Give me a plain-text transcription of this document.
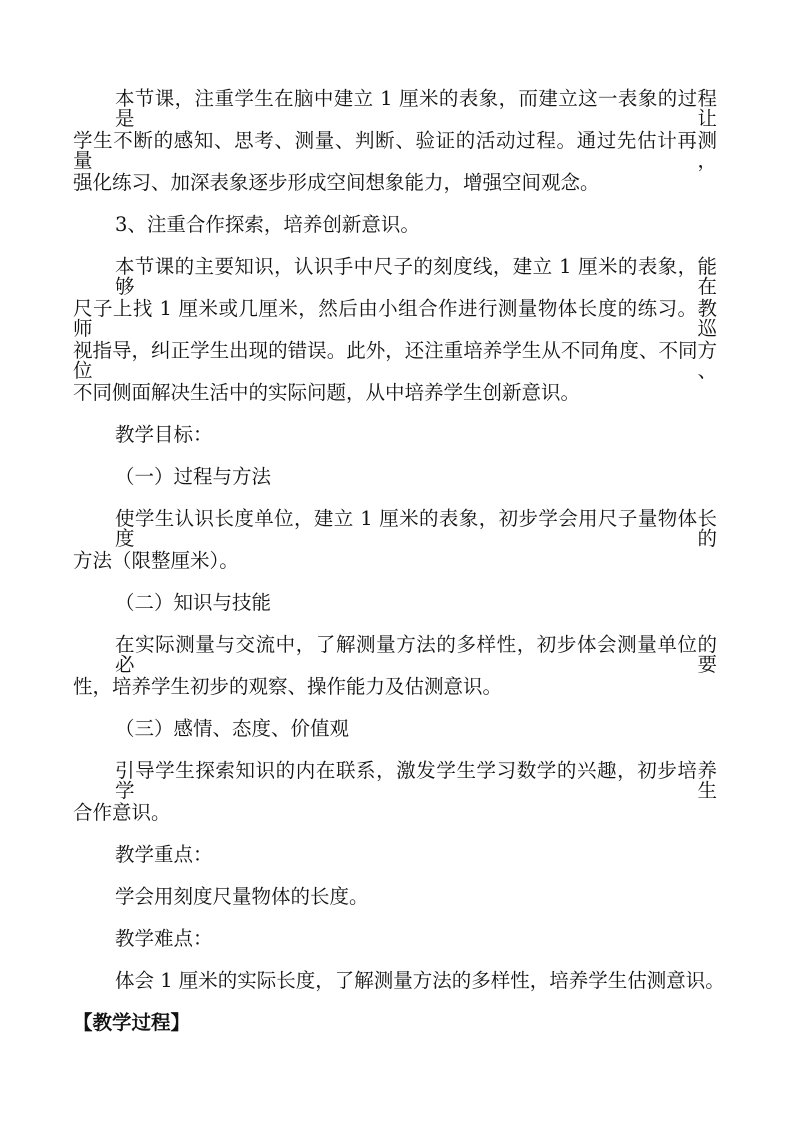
本节课，注重学生在脑中建立 1 厘米的表象，而建立这一表象的过程是让
学生不断的感知、思考、测量、判断、验证的活动过程。通过先估计再测量，
强化练习、加深表象逐步形成空间想象能力，增强空间观念。
3、注重合作探索，培养创新意识。
本节课的主要知识，认识手中尺子的刻度线，建立 1 厘米的表象，能够在
尺子上找 1 厘米或几厘米，然后由小组合作进行测量物体长度的练习。教师巡
视指导，纠正学生出现的错误。此外，还注重培养学生从不同角度、不同方位、
不同侧面解决生活中的实际问题，从中培养学生创新意识。
教学目标：
（一）过程与方法
使学生认识长度单位，建立 1 厘米的表象，初步学会用尺子量物体长度的
方法（限整厘米）。
（二）知识与技能
在实际测量与交流中，了解测量方法的多样性，初步体会测量单位的必要
性，培养学生初步的观察、操作能力及估测意识。
（三）感情、态度、价值观
引导学生探索知识的内在联系，激发学生学习数学的兴趣，初步培养学生
合作意识。
教学重点：
学会用刻度尺量物体的长度。
教学难点：
体会 1 厘米的实际长度，了解测量方法的多样性，培养学生估测意识。
【教学过程】
